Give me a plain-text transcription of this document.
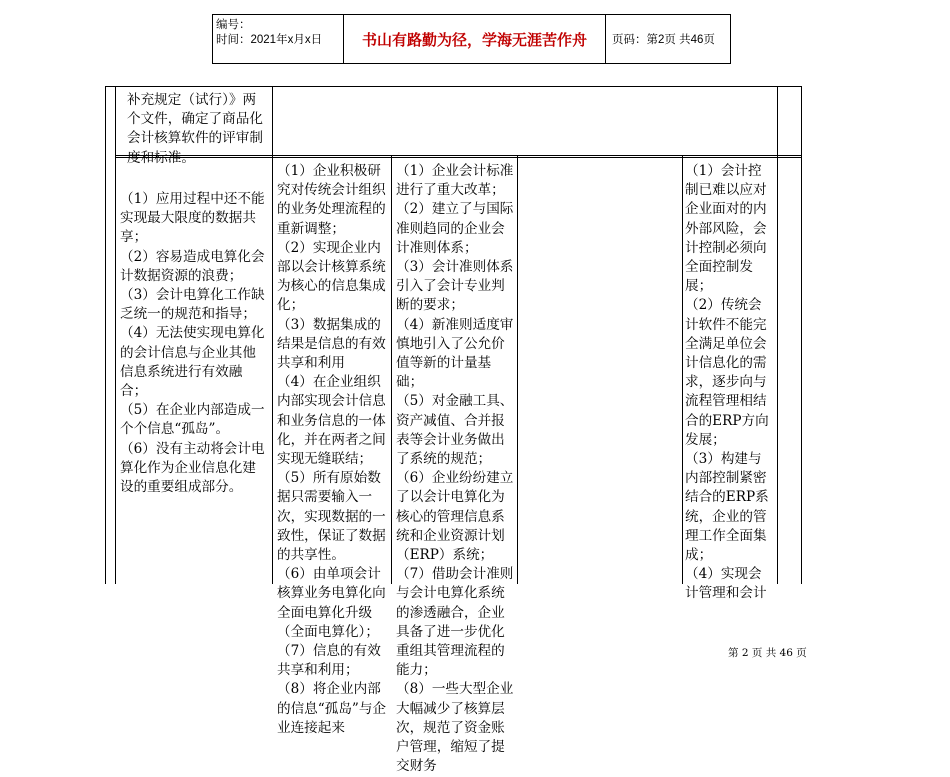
编号：
时间：2021年x月x日	书山有路勤为径，学海无涯苦作舟	页码：第2页 共46页

补充规定（试行）》两个文件，确定了商品化会计核算软件的评审制度和标准。

（1）应用过程中还不能实现最大限度的数据共享；

（2）容易造成电算化会计数据资源的浪费；

（3）会计电算化工作缺乏统一的规范和指导；

（4）无法使实现电算化的会计信息与企业其他信息系统进行有效融合；

（5）在企业内部造成一个个信息“孤岛”。

（6）没有主动将会计电算化作为企业信息化建设的重要组成部分。

（1）企业积极研究对传统会计组织的业务处理流程的重新调整；

（2）实现企业内部以会计核算系统为核心的信息集成化；

（3）数据集成的结果是信息的有效共享和利用

（4）在企业组织内部实现会计信息和业务信息的一体化，并在两者之间实现无缝联结；

（5）所有原始数据只需要输入一次，实现数据的一致性，保证了数据的共享性。

（6）由单项会计核算业务电算化向全面电算化升级（全面电算化）；

（7）信息的有效共享和利用；

（8）将企业内部的信息“孤岛”与企业连接起来

（1）企业会计标准进行了重大改革；

（2）建立了与国际准则趋同的企业会计准则体系；

（3）会计准则体系引入了会计专业判断的要求；

（4）新准则适度审慎地引入了公允价值等新的计量基础；

（5）对金融工具、资产减值、合并报表等会计业务做出了系统的规范；

（6）企业纷纷建立了以会计电算化为核心的管理信息系统和企业资源计划（ERP）系统；

（7）借助会计准则与会计电算化系统的渗透融合，企业具备了进一步优化重组其管理流程的能力；

（8）一些大型企业大幅减少了核算层次，规范了资金账户管理，缩短了提交财务

（1）会计控制已难以应对企业面对的内外部风险，会计控制必须向全面控制发展；

（2）传统会计软件不能完全满足单位会计信息化的需求，逐步向与流程管理相结合的ERP方向发展；

（3）构建与内部控制紧密结合的ERP系统，企业的管理工作全面集成；

（4）实现会计管理和会计

第 2 页 共 46 页
